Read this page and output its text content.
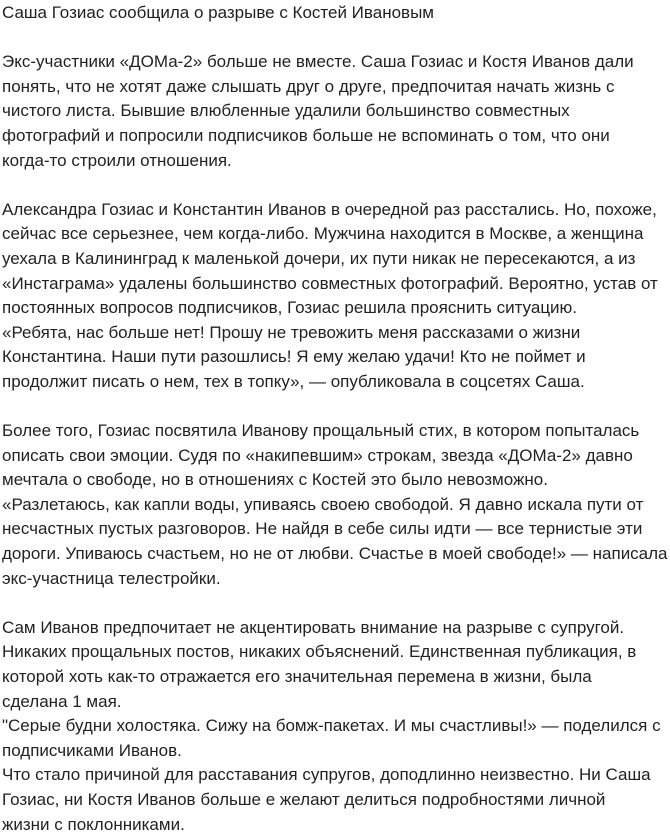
Саша Гозиас сообщила о разрыве с Костей Ивановым

Экс-участники «ДОМа-2» больше не вместе. Саша Гозиас и Костя Иванов дали
понять, что не хотят даже слышать друг о друге, предпочитая начать жизнь с
чистого листа. Бывшие влюбленные удалили большинство совместных
фотографий и попросили подписчиков больше не вспоминать о том, что они
когда-то строили отношения.

Александра Гозиас и Константин Иванов в очередной раз расстались. Но, похоже,
сейчас все серьезнее, чем когда-либо. Мужчина находится в Москве, а женщина
уехала в Калининград к маленькой дочери, их пути никак не пересекаются, а из
«Инстаграма» удалены большинство совместных фотографий. Вероятно, устав от
постоянных вопросов подписчиков, Гозиас решила прояснить ситуацию.
«Ребята, нас больше нет! Прошу не тревожить меня рассказами о жизни
Константина. Наши пути разошлись! Я ему желаю удачи! Кто не поймет и
продолжит писать о нем, тех в топку», — опубликовала в соцсетях Саша.

Более того, Гозиас посвятила Иванову прощальный стих, в котором попыталась
описать свои эмоции. Судя по «накипевшим» строкам, звезда «ДОМа-2» давно
мечтала о свободе, но в отношениях с Костей это было невозможно.
«Разлетаюсь, как капли воды, упиваясь своею свободой. Я давно искала пути от
несчастных пустых разговоров. Не найдя в себе силы идти — все тернистые эти
дороги. Упиваюсь счастьем, но не от любви. Счастье в моей свободе!» — написала
экс-участница телестройки.

Сам Иванов предпочитает не акцентировать внимание на разрыве с супругой.
Никаких прощальных постов, никаких объяснений. Единственная публикация, в
которой хоть как-то отражается его значительная перемена в жизни, была
сделана 1 мая.
"Серые будни холостяка. Сижу на бомж-пакетах. И мы счастливы!» — поделился с
подписчиками Иванов.
Что стало причиной для расставания супругов, доподлинно неизвестно. Ни Саша
Гозиас, ни Костя Иванов больше е желают делиться подробностями личной
жизни с поклонниками.
